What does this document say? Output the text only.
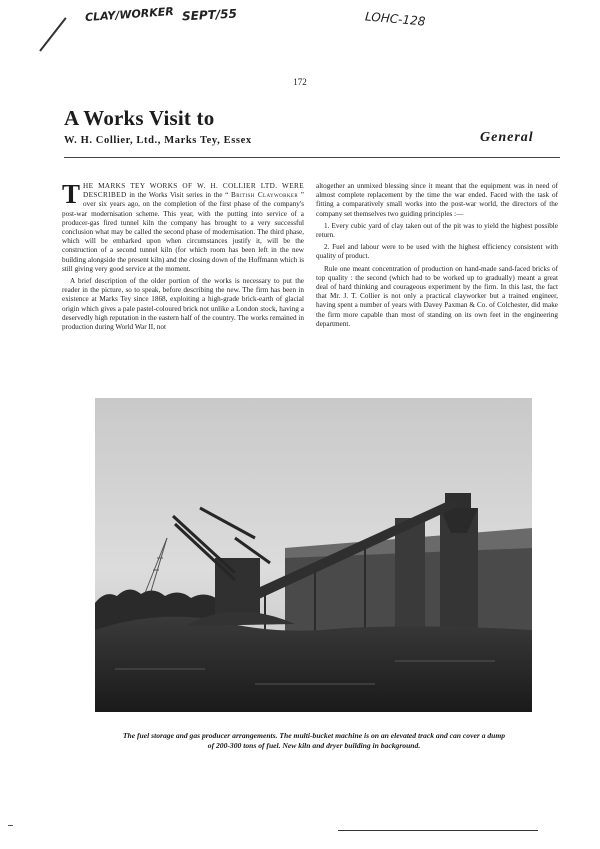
CLAY/WORKER SEPT/55	LOHC-128
172
A Works Visit to
W. H. Collier, Ltd., Marks Tey, Essex	General

THE MARKS TEY WORKS OF W. H. COLLIER LTD. WERE DESCRIBED in the Works Visit series in the “ British Clayworker ” over six years ago, on the completion of the first phase of the company's post-war modernisation scheme. This year, with the putting into service of a producer-gas fired tunnel kiln the company has brought to a very successful conclusion what may be called the second phase of modernisation. The third phase, which will be embarked upon when circumstances justify it, will be the construction of a second tunnel kiln (for which room has been left in the new building alongside the present kiln) and the closing down of the Hoffmann which is still giving very good service at the moment.

A brief description of the older portion of the works is necessary to put the reader in the picture, so to speak, before describing the new. The firm has been in existence at Marks Tey since 1868, exploiting a high-grade brick-earth of glacial origin which gives a pale pastel-coloured brick not unlike a London stock, having a deservedly high reputation in the eastern half of the country. The works remained in production during World War II, not

altogether an unmixed blessing since it meant that the equipment was in need of almost complete replacement by the time the war ended. Faced with the task of fitting a comparatively small works into the post-war world, the directors of the company set themselves two guiding principles :—

1. Every cubic yard of clay taken out of the pit was to yield the highest possible return.

2. Fuel and labour were to be used with the highest efficiency consistent with quality of product.

Rule one meant concentration of production on hand-made sand-faced bricks of top quality : the second (which had to be worked up to gradually) meant a great deal of hard thinking and courageous experiment by the firm. In this last, the fact that Mr. J. T. Collier is not only a practical clayworker but a trained engineer, having spent a number of years with Davey Paxman & Co. of Colchester, did make the firm more capable than most of standing on its own feet in the engineering department.

The fuel storage and gas producer arrangements. The multi-bucket machine is on an elevated track and can cover a dump
of 200-300 tons of fuel. New kiln and dryer building in background.
